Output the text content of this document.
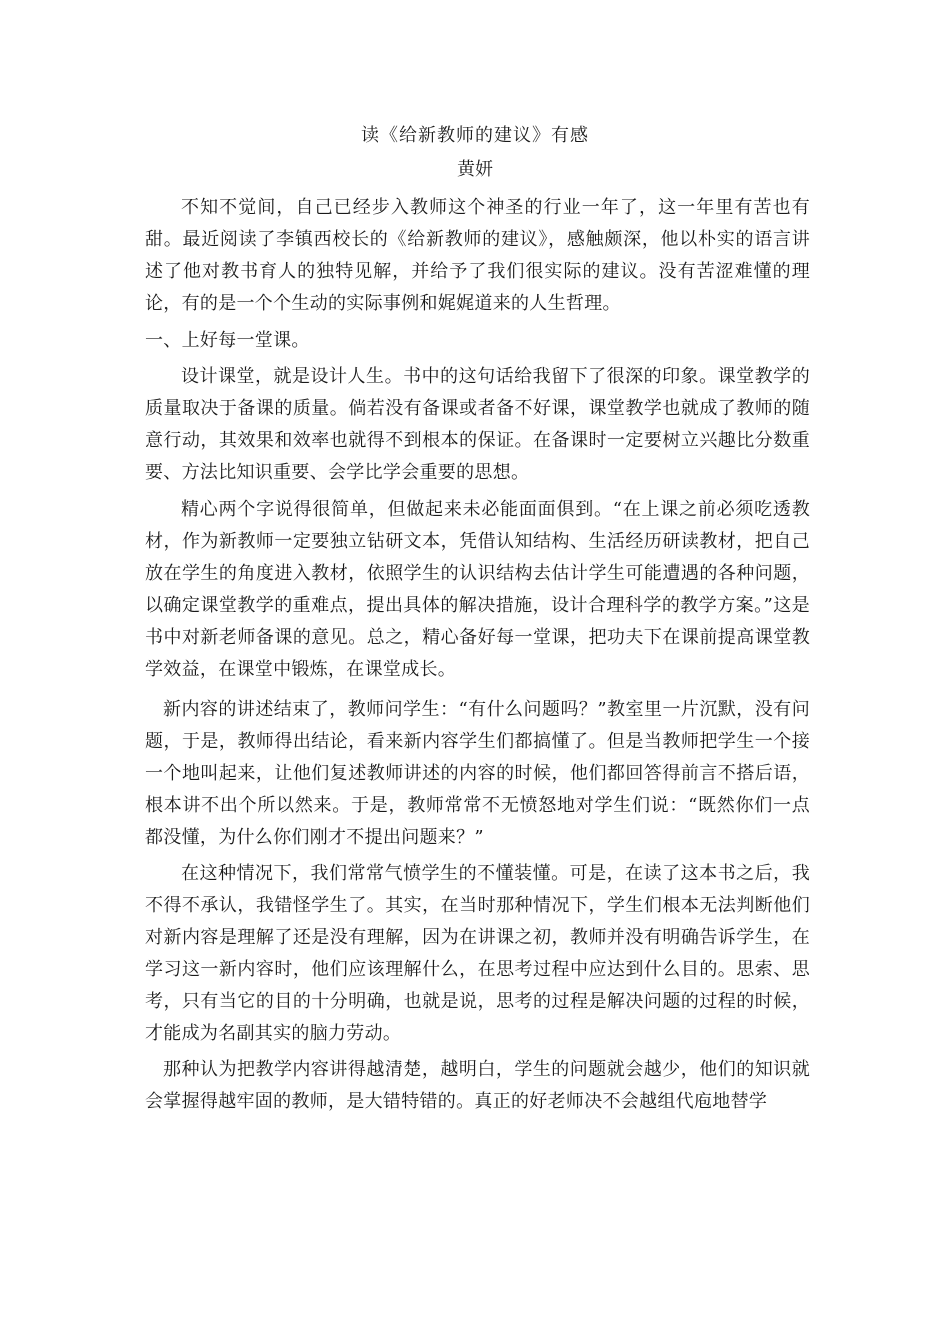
读《给新教师的建议》有感
黄妍

不知不觉间，自己已经步入教师这个神圣的行业一年了，这一年里有苦也有甜。最近阅读了李镇西校长的《给新教师的建议》，感触颇深，他以朴实的语言讲述了他对教书育人的独特见解，并给予了我们很实际的建议。没有苦涩难懂的理论，有的是一个个生动的实际事例和娓娓道来的人生哲理。

一、上好每一堂课。

设计课堂，就是设计人生。书中的这句话给我留下了很深的印象。课堂教学的质量取决于备课的质量。倘若没有备课或者备不好课，课堂教学也就成了教师的随意行动，其效果和效率也就得不到根本的保证。在备课时一定要树立兴趣比分数重要、方法比知识重要、会学比学会重要的思想。

精心两个字说得很简单，但做起来未必能面面俱到。“在上课之前必须吃透教材，作为新教师一定要独立钻研文本，凭借认知结构、生活经历研读教材，把自己放在学生的角度进入教材，依照学生的认识结构去估计学生可能遭遇的各种问题，以确定课堂教学的重难点，提出具体的解决措施，设计合理科学的教学方案。”这是书中对新老师备课的意见。总之，精心备好每一堂课，把功夫下在课前提高课堂教学效益，在课堂中锻炼，在课堂成长。

新内容的讲述结束了，教师问学生：“有什么问题吗？”教室里一片沉默，没有问题，于是，教师得出结论，看来新内容学生们都搞懂了。但是当教师把学生一个接一个地叫起来，让他们复述教师讲述的内容的时候，他们都回答得前言不搭后语，根本讲不出个所以然来。于是，教师常常不无愤怒地对学生们说：“既然你们一点都没懂，为什么你们刚才不提出问题来？”

在这种情况下，我们常常气愤学生的不懂装懂。可是，在读了这本书之后，我不得不承认，我错怪学生了。其实，在当时那种情况下，学生们根本无法判断他们对新内容是理解了还是没有理解，因为在讲课之初，教师并没有明确告诉学生，在学习这一新内容时，他们应该理解什么，在思考过程中应达到什么目的。思索、思考，只有当它的目的十分明确，也就是说，思考的过程是解决问题的过程的时候，才能成为名副其实的脑力劳动。

那种认为把教学内容讲得越清楚，越明白，学生的问题就会越少，他们的知识就会掌握得越牢固的教师，是大错特错的。真正的好老师决不会越组代庖地替学
